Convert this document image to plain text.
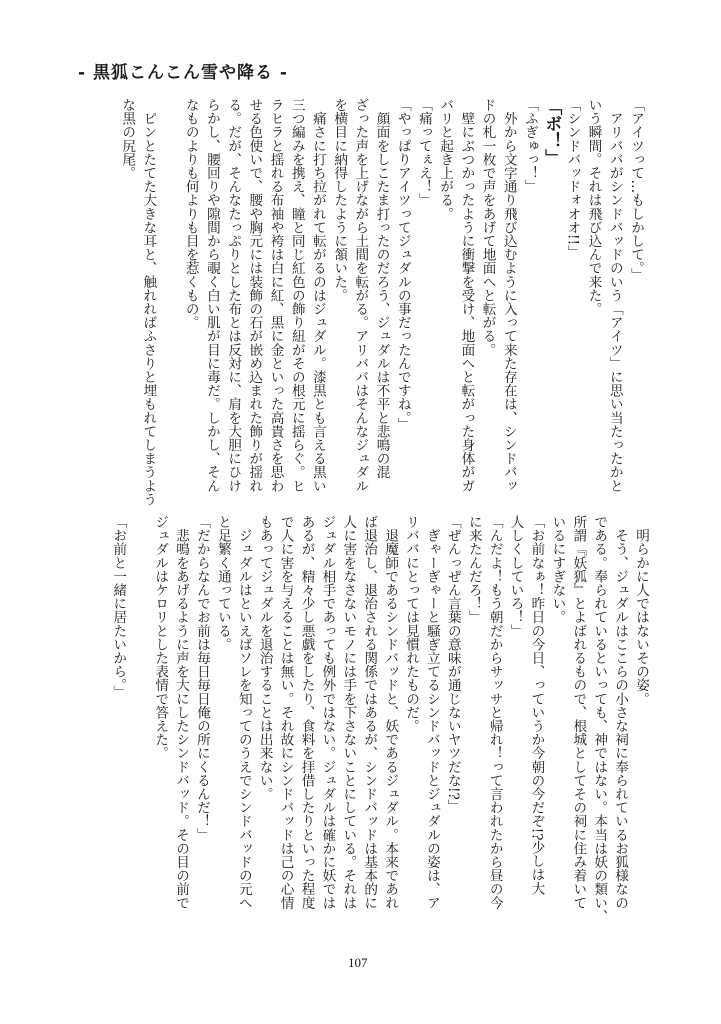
- 黒狐こんこん雪や降る -
「アイツって…もしかして。」
　アリババがシンドバッドのいう「アイツ」に思い当たったかと
いう瞬間。それは飛び込んで来た。
「シンドバッドォオオ!!」
「ボ！」
「ふぎゅっ！」
　外から文字通り飛び込むように入って来た存在は、シンドバッ
ドの札一枚で声をあげて地面へと転がる。
　壁にぶつかったように衝撃を受け、地面へと転がった身体がガ
バリと起き上がる。
「痛ってぇえ！」
「やっぱりアイツってジュダルの事だったんですね。」
　顔面をしこたま打ったのだろう、ジュダルは不平と悲鳴の混
ざった声を上げながら土間を転がる。アリババはそんなジュダル
を横目に納得したように頷いた。
　痛さに打ち拉がれて転がるのはジュダル。漆黒とも言える黒い
三つ編みを携え、瞳と同じ紅色の飾り紐がその根元に揺らぐ。ヒ
ラヒラと揺れる布袖や袴は白に紅、黒に金といった高貴さを思わ
せる色使いで、腰や胸元には装飾の石が嵌め込まれた飾りが揺れ
る。だが、そんなたっぷりとした布とは反対に、肩を大胆にひけ
らかし、腰回りや隙間から覗く白い肌が目に毒だ。しかし、そん
なものよりも何よりも目を惹くもの。

　ピンとたてた大きな耳と、触れればふさりと埋もれてしまうよう
な黒の尻尾。
　明らかに人ではないその姿。
　そう、ジュダルはここらの小さな祠に奉られているお狐様なの
である。奉られているといっても、神ではない。本当は妖の類い、
所謂『妖狐』とよばれるもので、根城としてその祠に住み着いて
いるにすぎない。
「お前なぁ！昨日の今日、っていうか今朝の今だぞ!?少しは大
人しくしていろ！」
「んだよ！もう朝だからサッサと帰れ！って言われたから昼の今
に来たんだろ！」
「ぜんっぜん言葉の意味が通じないヤツだな!?」
　ぎゃーぎゃーと騒ぎ立てるシンドバッドとジュダルの姿は、ア
リババにとっては見慣れたものだ。
　退魔師であるシンドバッドと、妖であるジュダル。本来であれ
ば退治し、退治される関係ではあるが、シンドバッドは基本的に
人に害をなさないモノには手を下さないことにしている。それは
ジュダル相手であっても例外ではない。ジュダルは確かに妖では
あるが、精々少し悪戯をしたり、食料を拝借したりといった程度
で人に害を与えることは無い。それ故にシンドバッドは己の心情
もあってジュダルを退治することは出来ない。
　ジュダルはといえばソレを知ってのうえでシンドバッドの元へ
と足繁く通っている。
「だからなんでお前は毎日毎日俺の所にくるんだ！」
　悲鳴をあげるように声を大にしたシンドバッド。その目の前で
ジュダルはケロリとした表情で答えた。

「お前と一緒に居たいから。」
107
